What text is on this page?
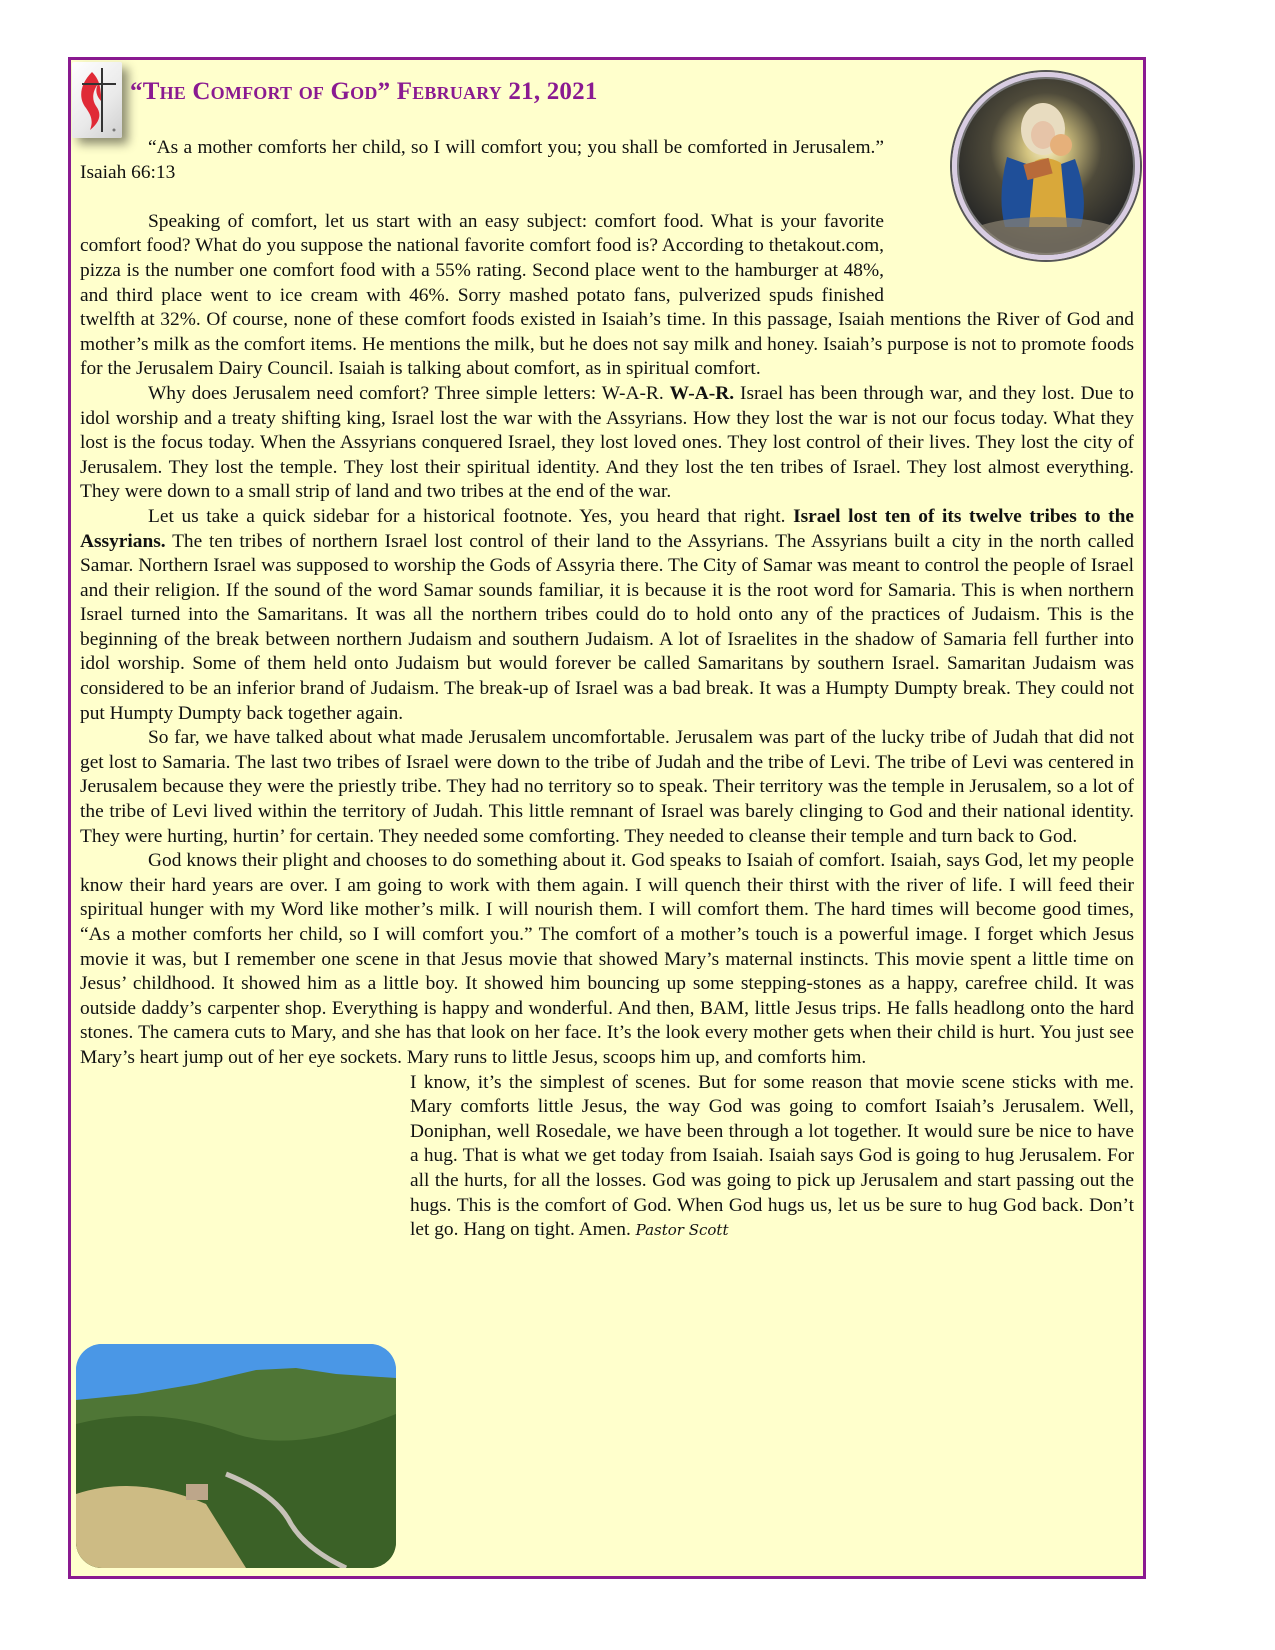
“The Comfort of God” February 21, 2021

“As a mother comforts her child, so I will comfort you; you shall be comforted in Jerusalem.” Isaiah 66:13

Speaking of comfort, let us start with an easy subject: comfort food. What is your favorite comfort food? What do you suppose the national favorite comfort food is? According to thetakout.com, pizza is the number one comfort food with a 55% rating. Second place went to the hamburger at 48%, and third place went to ice cream with 46%. Sorry mashed potato fans, pulverized spuds finished twelfth at 32%. Of course, none of these comfort foods existed in Isaiah’s time. In this passage, Isaiah mentions the River of God and mother’s milk as the comfort items. He mentions the milk, but he does not say milk and honey. Isaiah’s purpose is not to promote foods for the Jerusalem Dairy Council. Isaiah is talking about comfort, as in spiritual comfort.

Why does Jerusalem need comfort? Three simple letters: W-A-R. W-A-R. Israel has been through war, and they lost. Due to idol worship and a treaty shifting king, Israel lost the war with the Assyrians. How they lost the war is not our focus today. What they lost is the focus today. When the Assyrians conquered Israel, they lost loved ones. They lost control of their lives. They lost the city of Jerusalem. They lost the temple. They lost their spiritual identity. And they lost the ten tribes of Israel. They lost almost everything. They were down to a small strip of land and two tribes at the end of the war.

Let us take a quick sidebar for a historical footnote. Yes, you heard that right. Israel lost ten of its twelve tribes to the Assyrians. The ten tribes of northern Israel lost control of their land to the Assyrians. The Assyrians built a city in the north called Samar. Northern Israel was supposed to worship the Gods of Assyria there. The City of Samar was meant to control the people of Israel and their religion. If the sound of the word Samar sounds familiar, it is because it is the root word for Samaria. This is when northern Israel turned into the Samaritans. It was all the northern tribes could do to hold onto any of the practices of Judaism. This is the beginning of the break between northern Judaism and southern Judaism. A lot of Israelites in the shadow of Samaria fell further into idol worship. Some of them held onto Judaism but would forever be called Samaritans by southern Israel. Samaritan Judaism was considered to be an inferior brand of Judaism. The break-up of Israel was a bad break. It was a Humpty Dumpty break. They could not put Humpty Dumpty back together again.

So far, we have talked about what made Jerusalem uncomfortable. Jerusalem was part of the lucky tribe of Judah that did not get lost to Samaria. The last two tribes of Israel were down to the tribe of Judah and the tribe of Levi. The tribe of Levi was centered in Jerusalem because they were the priestly tribe. They had no territory so to speak. Their territory was the temple in Jerusalem, so a lot of the tribe of Levi lived within the territory of Judah. This little remnant of Israel was barely clinging to God and their national identity. They were hurting, hurtin’ for certain. They needed some comforting. They needed to cleanse their temple and turn back to God.

God knows their plight and chooses to do something about it. God speaks to Isaiah of comfort. Isaiah, says God, let my people know their hard years are over. I am going to work with them again. I will quench their thirst with the river of life. I will feed their spiritual hunger with my Word like mother’s milk. I will nourish them. I will comfort them. The hard times will become good times, “As a mother comforts her child, so I will comfort you.” The comfort of a mother’s touch is a powerful image. I forget which Jesus movie it was, but I remember one scene in that Jesus movie that showed Mary’s maternal instincts. This movie spent a little time on Jesus’ childhood. It showed him as a little boy. It showed him bouncing up some stepping-stones as a happy, carefree child. It was outside daddy’s carpenter shop. Everything is happy and wonderful. And then, BAM, little Jesus trips. He falls headlong onto the hard stones. The camera cuts to Mary, and she has that look on her face. It’s the look every mother gets when their child is hurt. You just see Mary’s heart jump out of her eye sockets. Mary runs to little Jesus, scoops him up, and comforts him.

I know, it’s the simplest of scenes. But for some reason that movie scene sticks with me. Mary comforts little Jesus, the way God was going to comfort Isaiah’s Jerusalem. Well, Doniphan, well Rosedale, we have been through a lot together. It would sure be nice to have a hug. That is what we get today from Isaiah. Isaiah says God is going to hug Jerusalem. For all the hurts, for all the losses. God was going to pick up Jerusalem and start passing out the hugs. This is the comfort of God. When God hugs us, let us be sure to hug God back. Don’t let go. Hang on tight. Amen. Pastor Scott
